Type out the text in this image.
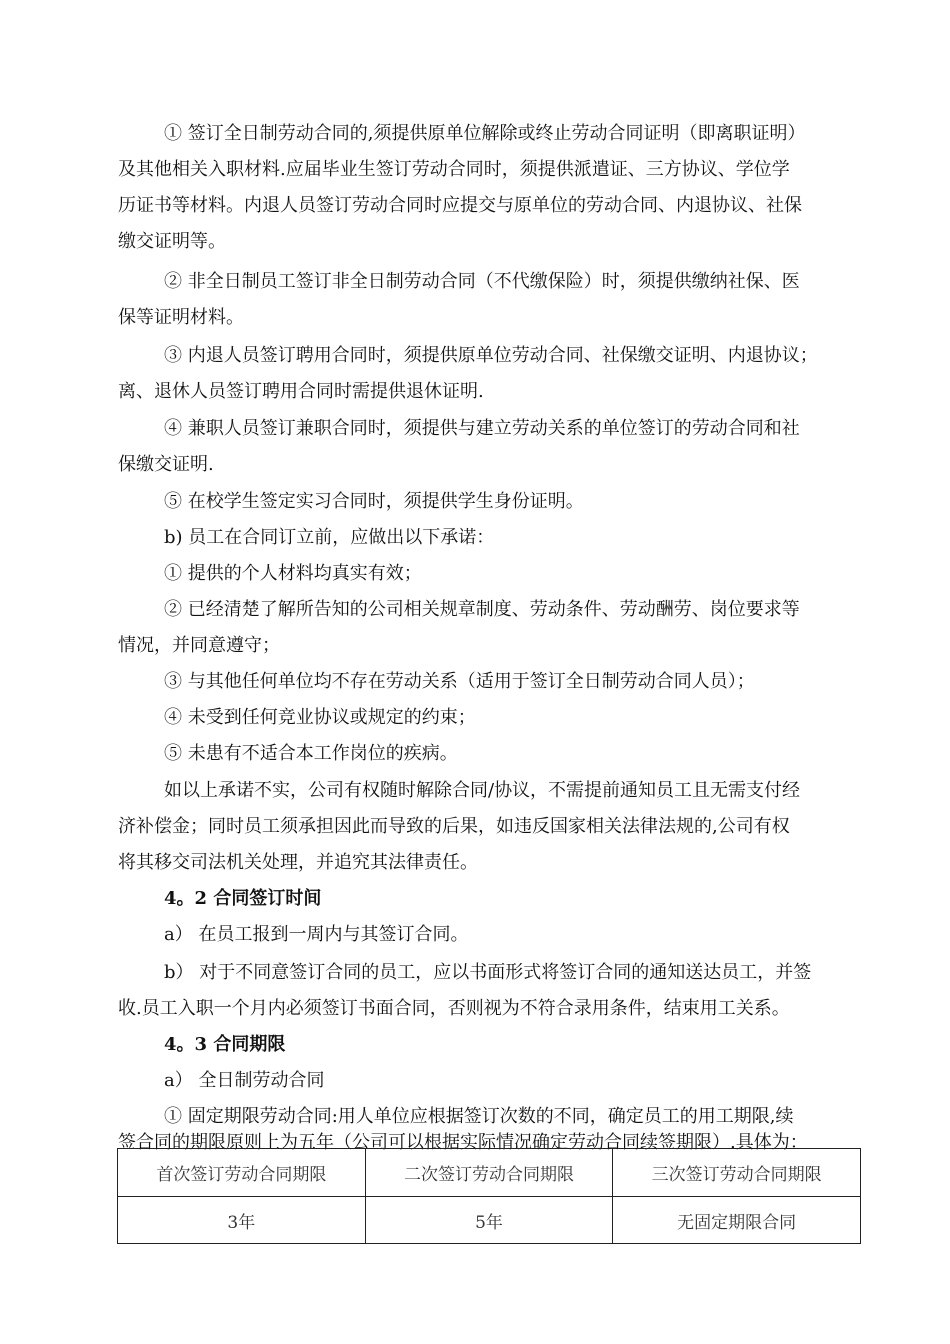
① 签订全日制劳动合同的,须提供原单位解除或终止劳动合同证明（即离职证明）
及其他相关入职材料.应届毕业生签订劳动合同时，须提供派遣证、三方协议、学位学
历证书等材料。内退人员签订劳动合同时应提交与原单位的劳动合同、内退协议、社保
缴交证明等。
② 非全日制员工签订非全日制劳动合同（不代缴保险）时，须提供缴纳社保、医
保等证明材料。
③ 内退人员签订聘用合同时，须提供原单位劳动合同、社保缴交证明、内退协议；
离、退休人员签订聘用合同时需提供退休证明.
④ 兼职人员签订兼职合同时，须提供与建立劳动关系的单位签订的劳动合同和社
保缴交证明.
⑤ 在校学生签定实习合同时，须提供学生身份证明。
b) 员工在合同订立前，应做出以下承诺：
① 提供的个人材料均真实有效；
② 已经清楚了解所告知的公司相关规章制度、劳动条件、劳动酬劳、岗位要求等
情况，并同意遵守；
③ 与其他任何单位均不存在劳动关系（适用于签订全日制劳动合同人员）；
④ 未受到任何竞业协议或规定的约束；
⑤ 未患有不适合本工作岗位的疾病。
如以上承诺不实，公司有权随时解除合同/协议，不需提前通知员工且无需支付经
济补偿金；同时员工须承担因此而导致的后果，如违反国家相关法律法规的,公司有权
将其移交司法机关处理，并追究其法律责任。
4。2 合同签订时间
a） 在员工报到一周内与其签订合同。
b） 对于不同意签订合同的员工，应以书面形式将签订合同的通知送达员工，并签
收.员工入职一个月内必须签订书面合同，否则视为不符合录用条件，结束用工关系。
4。3 合同期限
a） 全日制劳动合同
① 固定期限劳动合同:用人单位应根据签订次数的不同，确定员工的用工期限,续
签合同的期限原则上为五年（公司可以根据实际情况确定劳动合同续签期限）.具体为：
首次签订劳动合同期限	二次签订劳动合同期限	三次签订劳动合同期限
3年	5年	无固定期限合同
